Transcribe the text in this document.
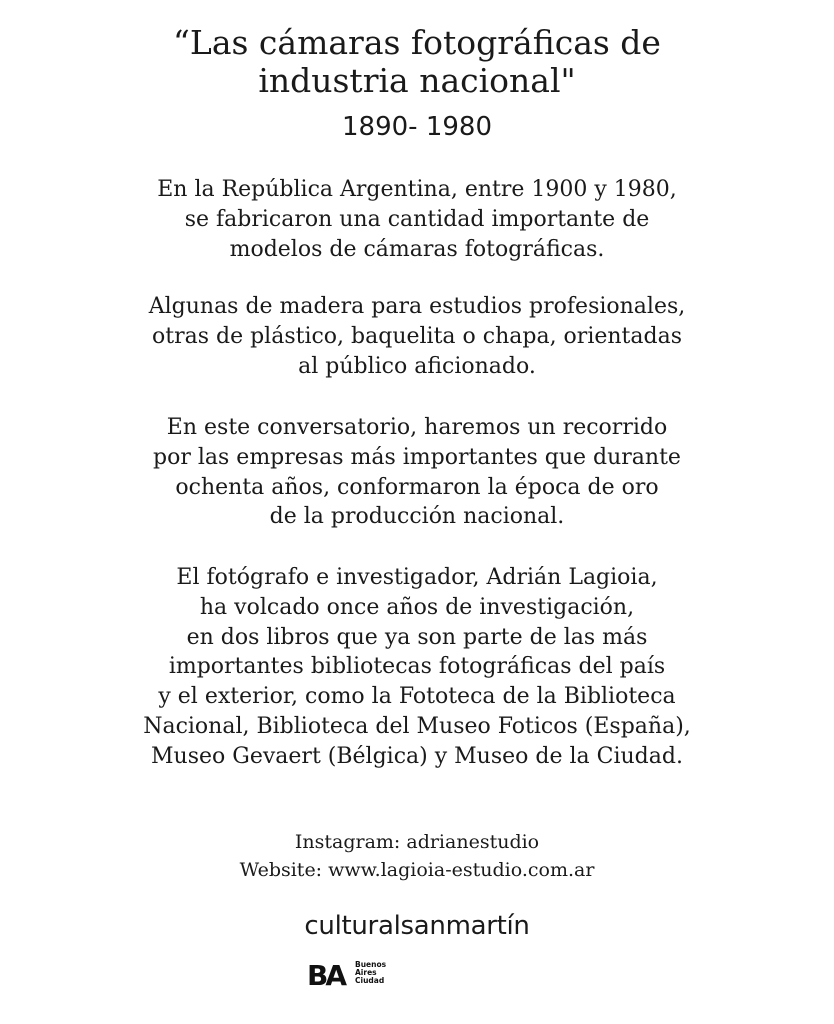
“Las cámaras fotográficas de
industria nacional"
1890- 1980
En la República Argentina, entre 1900 y 1980,
se fabricaron una cantidad importante de
modelos de cámaras fotográficas.
Algunas de madera para estudios profesionales,
otras de plástico, baquelita o chapa, orientadas
al público aficionado.
En este conversatorio, haremos un recorrido
por las empresas más importantes que durante
ochenta años, conformaron la época de oro
de la producción nacional.
El fotógrafo e investigador, Adrián Lagioia,
ha volcado once años de investigación,
en dos libros que ya son parte de las más
importantes bibliotecas fotográficas del país
y el exterior, como la Fototeca de la Biblioteca
Nacional, Biblioteca del Museo Foticos (España),
Museo Gevaert (Bélgica) y Museo de la Ciudad.
Instagram: adrianestudio
Website: www.lagioia-estudio.com.ar
culturalsanmartín
BA	Buenos
Aires
Ciudad
